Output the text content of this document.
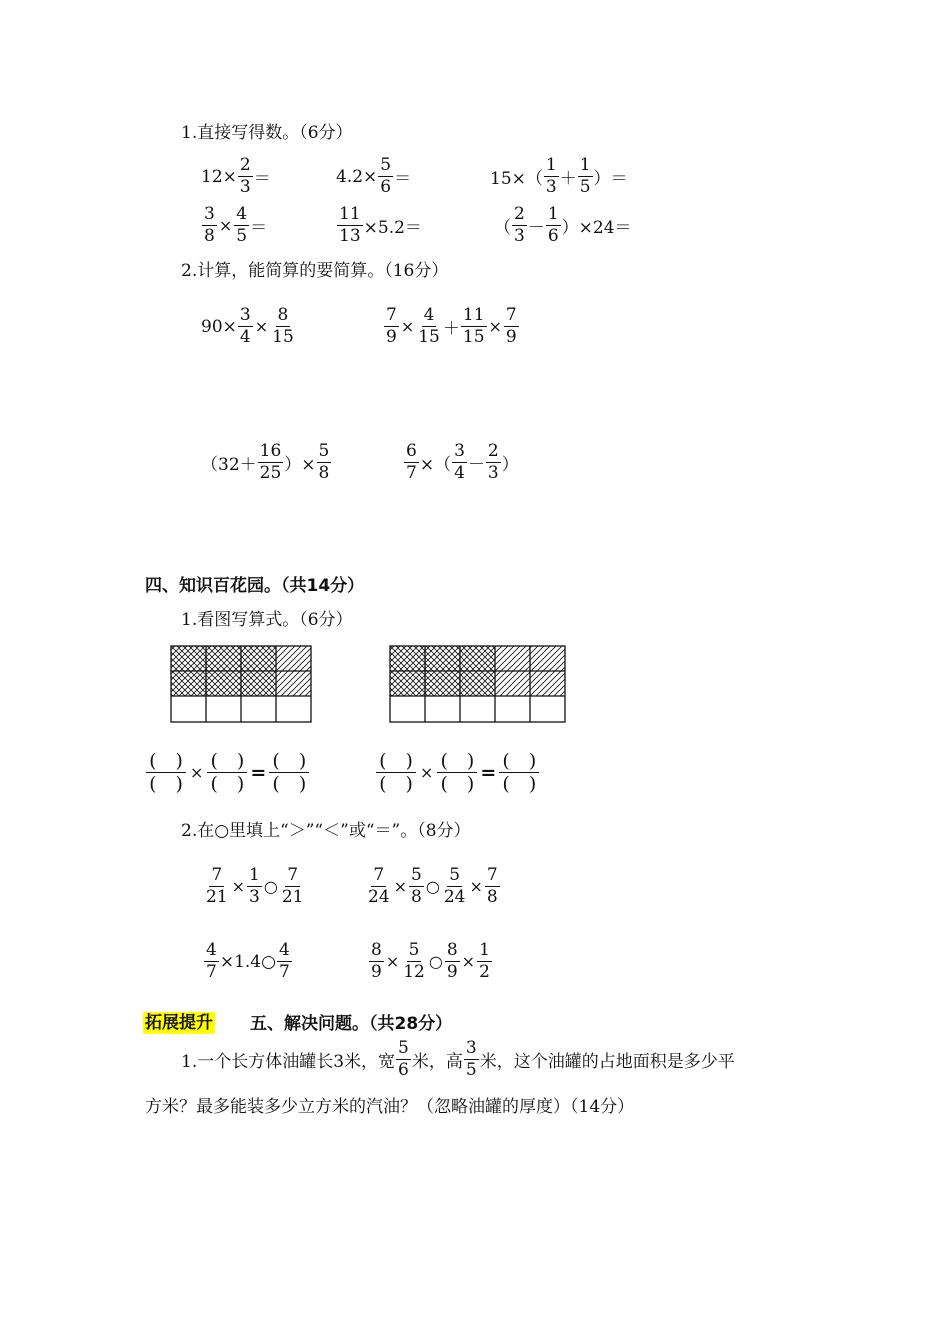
1.直接写得数。（6分）
$12\times \frac{2}{3}$ ＝	$4.2\times \frac{5}{6}$ ＝	15×（
1
3 ＋
1
5 ）＝
$\frac{3}{8} \times \frac{4}{5}$ ＝	$\frac{11}{13} \times 5.2=$	（
2
3 －
1
6 ）×24＝
2.计算，能简算的要简算。（16分）
$90\times \frac{3}{4} \times \frac{8}{15}$	$\frac{7}{9} \times \frac{4}{15} + \frac{11}{15} \times \frac{7}{9}$
（32＋
16
25 ）× $\frac{5}{8}$	$\frac{6}{7}$ ×（
3
4 －
2
3 ）
四、知识百花园。（共14分）
1.看图写算式。（6分）
(　)
(　)
×
(　)
(　)
=
(　)
(　)
(　)
(　)
×
(　)
(　)
=
(　)
(　)
2.在○里填上“＞”“＜”或“＝”。（8分）
$\frac{7}{21} \times \frac{1}{3}$ ○
7
21	$\frac{7}{24} \times \frac{5}{8}$ ○ $\frac{5}{24} \times \frac{7}{8}$
$\frac{4}{7}$ ×1.4○
4
7	$\frac{8}{9} \times \frac{5}{12}$ ○ $\frac{8}{9} \times \frac{1}{2}$
拓展提升 五、解决问题。（共28分）
1.一个长方体油罐长3米，宽
5
6 米，高
3
5 米，这个油罐的占地面积是多少平
方米？最多能装多少立方米的汽油？（忽略油罐的厚度）（14分）
